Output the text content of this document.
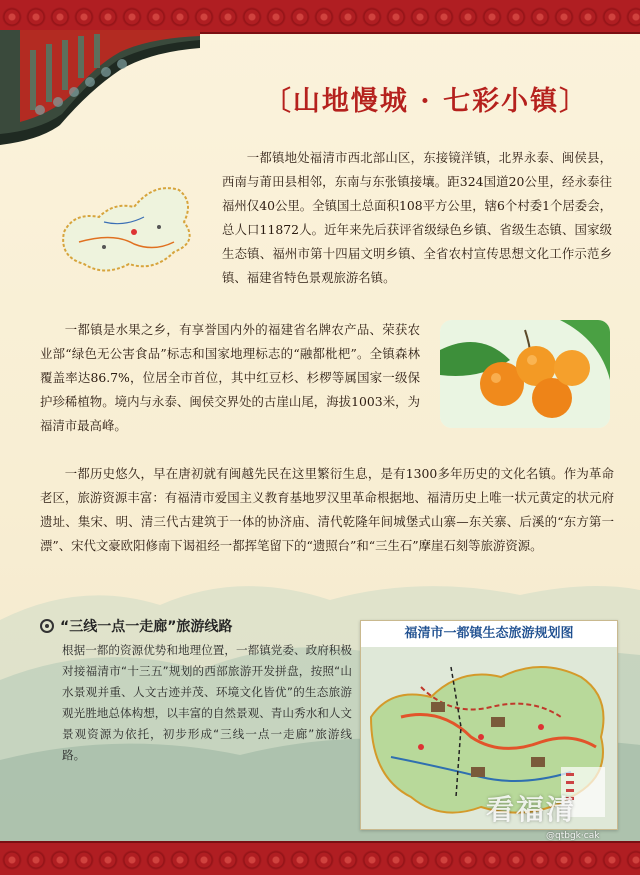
〔山地慢城 · 七彩小镇〕

一都镇地处福清市西北部山区，东接镜洋镇，北界永泰、闽侯县，西南与莆田县相邻，东南与东张镇接壤。距324国道20公里，经永泰往福州仅40公里。全镇国土总面积108平方公里，辖6个村委1个居委会，总人口11872人。近年来先后获评省级绿色乡镇、省级生态镇、国家级生态镇、福州市第十四届文明乡镇、全省农村宣传思想文化工作示范乡镇、福建省特色景观旅游名镇。

一都镇是水果之乡，有享誉国内外的福建省名牌农产品、荣获农业部“绿色无公害食品”标志和国家地理标志的“融都枇杷”。全镇森林覆盖率达86.7%，位居全市首位，其中红豆杉、杉椤等属国家一级保护珍稀植物。境内与永泰、闽侯交界处的古崖山尾，海拔1003米，为福清市最高峰。

一都历史悠久，早在唐初就有闽越先民在这里繁衍生息，是有1300多年历史的文化名镇。作为革命老区，旅游资源丰富：有福清市爱国主义教育基地罗汉里革命根据地、福清历史上唯一状元黄定的状元府遗址、集宋、明、清三代古建筑于一体的协济庙、清代乾隆年间城堡式山寨—东关寨、后溪的“东方第一漂”、宋代文豪欧阳修南下谒祖经一都挥笔留下的“遗照台”和“三生石”摩崖石刻等旅游资源。

“三线一点一走廊”旅游线路

根据一都的资源优势和地理位置，一都镇党委、政府积极对接福清市“十三五”规划的西部旅游开发拼盘，按照“山水景观并重、人文古迹并茂、环境文化皆优”的生态旅游观光胜地总体构想，以丰富的自然景观、青山秀水和人文景观资源为依托，初步形成“三线一点一走廊”旅游线路。

福清市一都镇生态旅游规划图
看福清
@qtbgk·cak
